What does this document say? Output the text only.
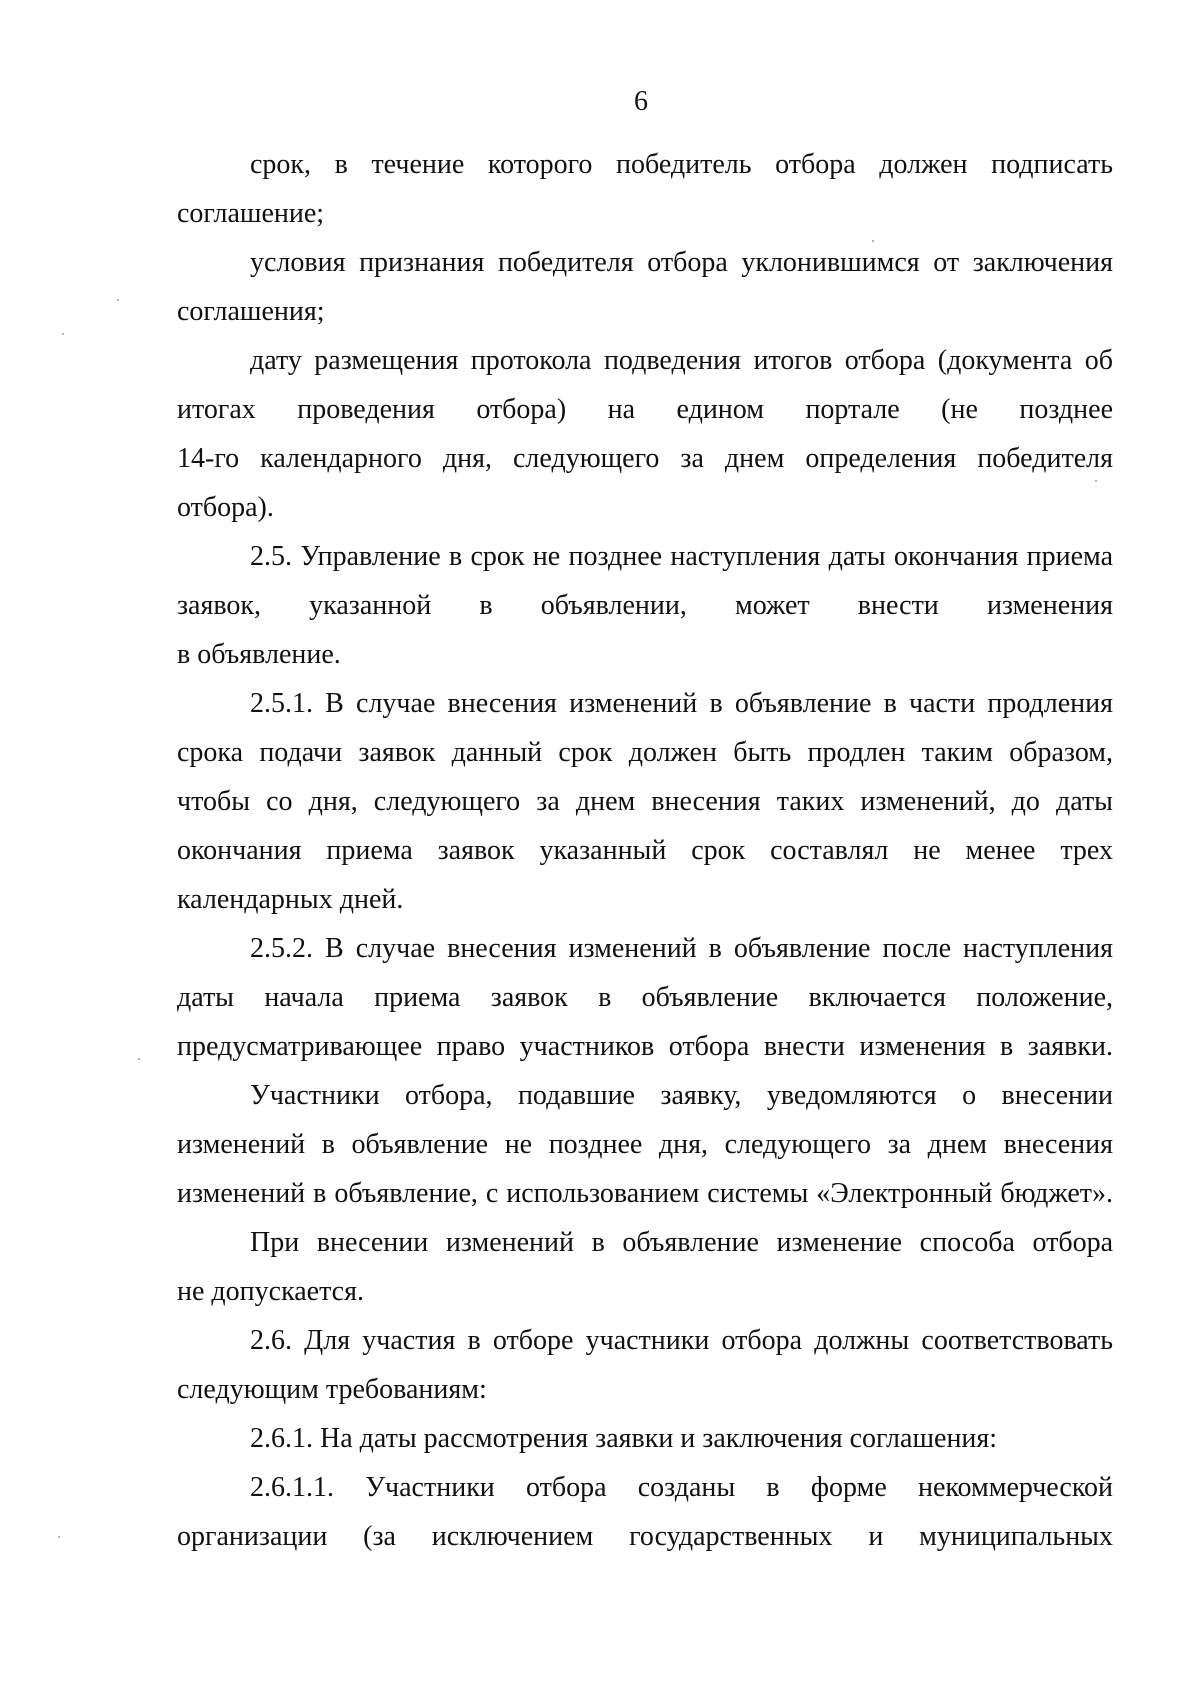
6
срок, в течение которого победитель отбора должен подписать
соглашение;
условия признания победителя отбора уклонившимся от заключения
соглашения;
дату размещения протокола подведения итогов отбора (документа об
итогах проведения отбора) на едином портале (не позднее
14-го календарного дня, следующего за днем определения победителя
отбора).
2.5. Управление в срок не позднее наступления даты окончания приема
заявок, указанной в объявлении, может внести изменения
в объявление.
2.5.1. В случае внесения изменений в объявление в части продления
срока подачи заявок данный срок должен быть продлен таким образом,
чтобы со дня, следующего за днем внесения таких изменений, до даты
окончания приема заявок указанный срок составлял не менее трех
календарных дней.
2.5.2. В случае внесения изменений в объявление после наступления
даты начала приема заявок в объявление включается положение,
предусматривающее право участников отбора внести изменения в заявки.
Участники отбора, подавшие заявку, уведомляются о внесении
изменений в объявление не позднее дня, следующего за днем внесения
изменений в объявление, с использованием системы «Электронный бюджет».
При внесении изменений в объявление изменение способа отбора
не допускается.
2.6. Для участия в отборе участники отбора должны соответствовать
следующим требованиям:
2.6.1. На даты рассмотрения заявки и заключения соглашения:
2.6.1.1. Участники отбора созданы в форме некоммерческой
организации (за исключением государственных и муниципальных
